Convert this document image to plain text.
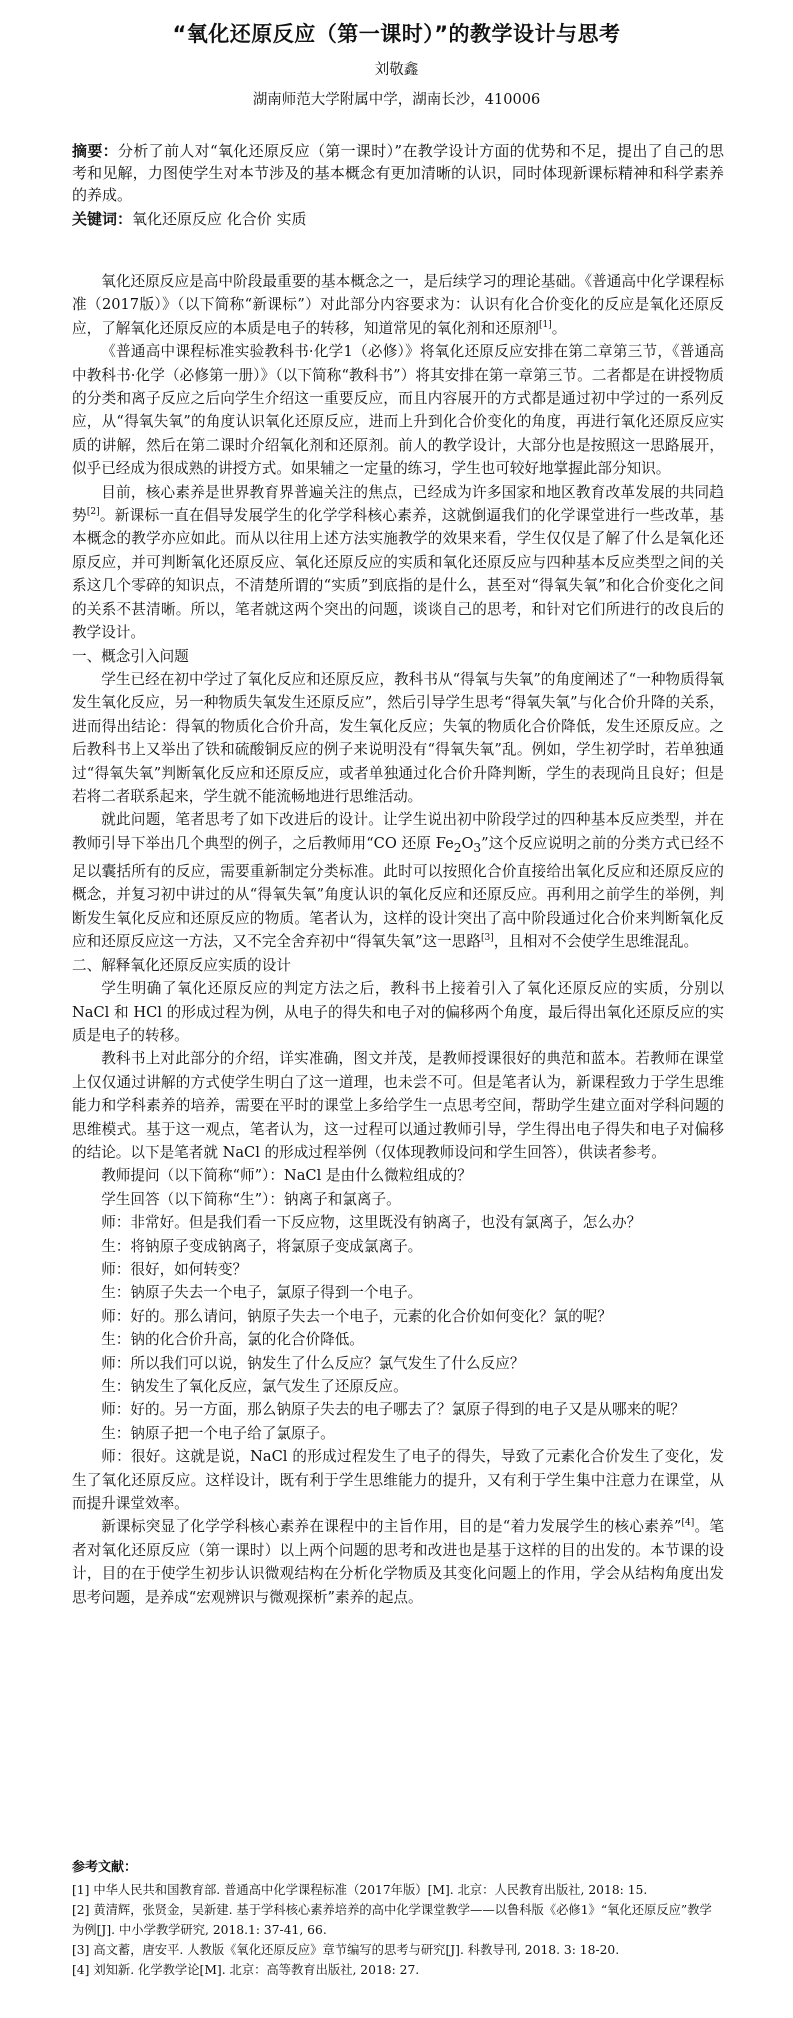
“氧化还原反应（第一课时）”的教学设计与思考
刘敬鑫
湖南师范大学附属中学，湖南长沙，410006
摘要：分析了前人对“氧化还原反应（第一课时）”在教学设计方面的优势和不足，提出了自己的思考和见解，力图使学生对本节涉及的基本概念有更加清晰的认识，同时体现新课标精神和科学素养的养成。
关键词：氧化还原反应 化合价 实质

氧化还原反应是高中阶段最重要的基本概念之一，是后续学习的理论基础。《普通高中化学课程标准（2017版）》（以下简称“新课标”）对此部分内容要求为：认识有化合价变化的反应是氧化还原反应，了解氧化还原反应的本质是电子的转移，知道常见的氧化剂和还原剂[1]。

《普通高中课程标准实验教科书·化学1（必修）》将氧化还原反应安排在第二章第三节，《普通高中教科书·化学（必修第一册）》（以下简称“教科书”）将其安排在第一章第三节。二者都是在讲授物质的分类和离子反应之后向学生介绍这一重要反应，而且内容展开的方式都是通过初中学过的一系列反应，从“得氧失氧”的角度认识氧化还原反应，进而上升到化合价变化的角度，再进行氧化还原反应实质的讲解，然后在第二课时介绍氧化剂和还原剂。前人的教学设计，大部分也是按照这一思路展开，似乎已经成为很成熟的讲授方式。如果辅之一定量的练习，学生也可较好地掌握此部分知识。

目前，核心素养是世界教育界普遍关注的焦点，已经成为许多国家和地区教育改革发展的共同趋势[2]。新课标一直在倡导发展学生的化学学科核心素养，这就倒逼我们的化学课堂进行一些改革，基本概念的教学亦应如此。而从以往用上述方法实施教学的效果来看，学生仅仅是了解了什么是氧化还原反应，并可判断氧化还原反应、氧化还原反应的实质和氧化还原反应与四种基本反应类型之间的关系这几个零碎的知识点，不清楚所谓的“实质”到底指的是什么，甚至对“得氧失氧”和化合价变化之间的关系不甚清晰。所以，笔者就这两个突出的问题，谈谈自己的思考，和针对它们所进行的改良后的教学设计。

一、概念引入问题

学生已经在初中学过了氧化反应和还原反应，教科书从“得氧与失氧”的角度阐述了“一种物质得氧发生氧化反应，另一种物质失氧发生还原反应”，然后引导学生思考“得氧失氧”与化合价升降的关系，进而得出结论：得氧的物质化合价升高，发生氧化反应；失氧的物质化合价降低，发生还原反应。之后教科书上又举出了铁和硫酸铜反应的例子来说明没有“得氧失氧”乱。例如，学生初学时，若单独通过“得氧失氧”判断氧化反应和还原反应，或者单独通过化合价升降判断，学生的表现尚且良好；但是若将二者联系起来，学生就不能流畅地进行思维活动。

就此问题，笔者思考了如下改进后的设计。让学生说出初中阶段学过的四种基本反应类型，并在教师引导下举出几个典型的例子，之后教师用“CO 还原 $Fe_2O_3$”这个反应说明之前的分类方式已经不足以囊括所有的反应，需要重新制定分类标准。此时可以按照化合价直接给出氧化反应和还原反应的概念，并复习初中讲过的从“得氧失氧”角度认识的氧化反应和还原反应。再利用之前学生的举例，判断发生氧化反应和还原反应的物质。笔者认为，这样的设计突出了高中阶段通过化合价来判断氧化反应和还原反应这一方法，又不完全舍弃初中“得氧失氧”这一思路[3]，且相对不会使学生思维混乱。

二、解释氧化还原反应实质的设计

学生明确了氧化还原反应的判定方法之后，教科书上接着引入了氧化还原反应的实质，分别以 NaCl 和 HCl 的形成过程为例，从电子的得失和电子对的偏移两个角度，最后得出氧化还原反应的实质是电子的转移。

教科书上对此部分的介绍，详实准确，图文并茂，是教师授课很好的典范和蓝本。若教师在课堂上仅仅通过讲解的方式使学生明白了这一道理，也未尝不可。但是笔者认为，新课程致力于学生思维能力和学科素养的培养，需要在平时的课堂上多给学生一点思考空间，帮助学生建立面对学科问题的思维模式。基于这一观点，笔者认为，这一过程可以通过教师引导，学生得出电子得失和电子对偏移的结论。以下是笔者就 NaCl 的形成过程举例（仅体现教师设问和学生回答），供读者参考。

教师提问（以下简称“师”）：NaCl 是由什么微粒组成的？

学生回答（以下简称“生”）：钠离子和氯离子。

师：非常好。但是我们看一下反应物，这里既没有钠离子，也没有氯离子，怎么办？

生：将钠原子变成钠离子，将氯原子变成氯离子。

师：很好，如何转变？

生：钠原子失去一个电子，氯原子得到一个电子。

师：好的。那么请问，钠原子失去一个电子，元素的化合价如何变化？氯的呢？

生：钠的化合价升高，氯的化合价降低。

师：所以我们可以说，钠发生了什么反应？氯气发生了什么反应？

生：钠发生了氧化反应，氯气发生了还原反应。

师：好的。另一方面，那么钠原子失去的电子哪去了？氯原子得到的电子又是从哪来的呢？

生：钠原子把一个电子给了氯原子。

师：很好。这就是说，NaCl 的形成过程发生了电子的得失，导致了元素化合价发生了变化，发生了氧化还原反应。这样设计，既有利于学生思维能力的提升，又有利于学生集中注意力在课堂，从而提升课堂效率。

新课标突显了化学学科核心素养在课程中的主旨作用，目的是“着力发展学生的核心素养”[4]。笔者对氧化还原反应（第一课时）以上两个问题的思考和改进也是基于这样的目的出发的。本节课的设计，目的在于使学生初步认识微观结构在分析化学物质及其变化问题上的作用，学会从结构角度出发思考问题，是养成“宏观辨识与微观探析”素养的起点。

参考文献：

[1] 中华人民共和国教育部. 普通高中化学课程标准（2017年版）[M]. 北京：人民教育出版社, 2018: 15.

[2] 黄清辉，张贤金，吴新建. 基于学科核心素养培养的高中化学课堂教学——以鲁科版《必修1》“氧化还原反应”教学为例[J]. 中小学教学研究, 2018.1: 37-41, 66.

[3] 高文蓄，唐安平. 人教版《氧化还原反应》章节编写的思考与研究[J]. 科教导刊, 2018. 3: 18-20.

[4] 刘知新. 化学教学论[M]. 北京：高等教育出版社, 2018: 27.
